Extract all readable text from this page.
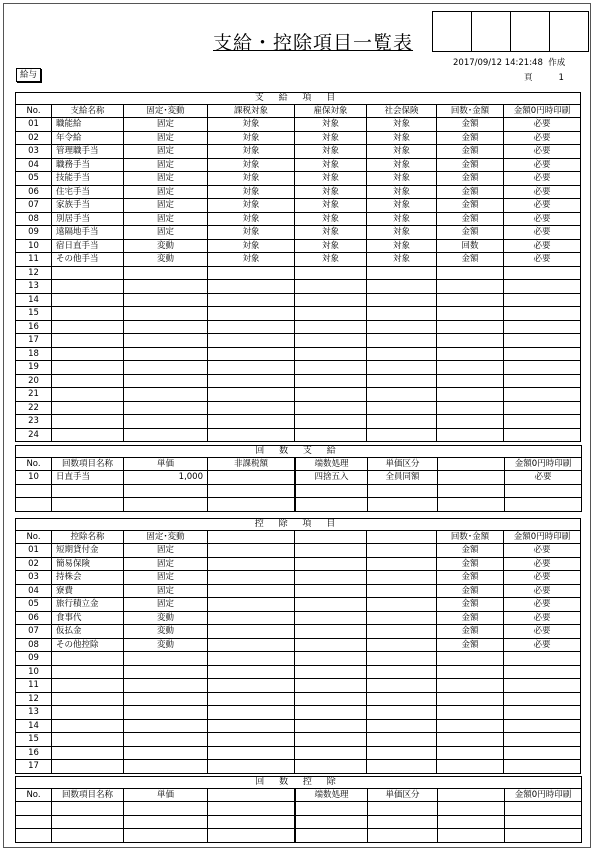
支給・控除項目一覧表
2017/09/12 14:21:48 作成
頁	1
給与
支 給 項 目							
No.	支給名称	固定･変動	課税対象	雇保対象	社会保険	回数･金額	金額0円時印刷
01	職能給	固定	対象	対象	対象	金額	必要
02	年令給	固定	対象	対象	対象	金額	必要
03	管理職手当	固定	対象	対象	対象	金額	必要
04	職務手当	固定	対象	対象	対象	金額	必要
05	技能手当	固定	対象	対象	対象	金額	必要
06	住宅手当	固定	対象	対象	対象	金額	必要
07	家族手当	固定	対象	対象	対象	金額	必要
08	別居手当	固定	対象	対象	対象	金額	必要
09	遠隔地手当	固定	対象	対象	対象	金額	必要
10	宿日直手当	変動	対象	対象	対象	回数	必要
11	その他手当	変動	対象	対象	対象	金額	必要
12							
13							
14							
15							
16							
17							
18							
19							
20							
21							
22							
23							
24							
回 数 支 給							
No.	回数項目名称	単価	非課税額		端数処理	単価区分		金額0円時印刷
10	日直手当	1,000			四捨五入	全員同額		必要

控 除 項 目							
No.	控除名称	固定･変動				回数･金額	金額0円時印刷
01	短期貸付金	固定				金額	必要
02	簡易保険	固定				金額	必要
03	持株会	固定				金額	必要
04	寮費	固定				金額	必要
05	旅行積立金	固定				金額	必要
06	食事代	変動				金額	必要
07	仮払金	変動				金額	必要
08	その他控除	変動				金額	必要
09							
10							
11							
12							
13							
14							
15							
16							
17							
回 数 控 除							
No.	回数項目名称	単価			端数処理	単価区分		金額0円時印刷
